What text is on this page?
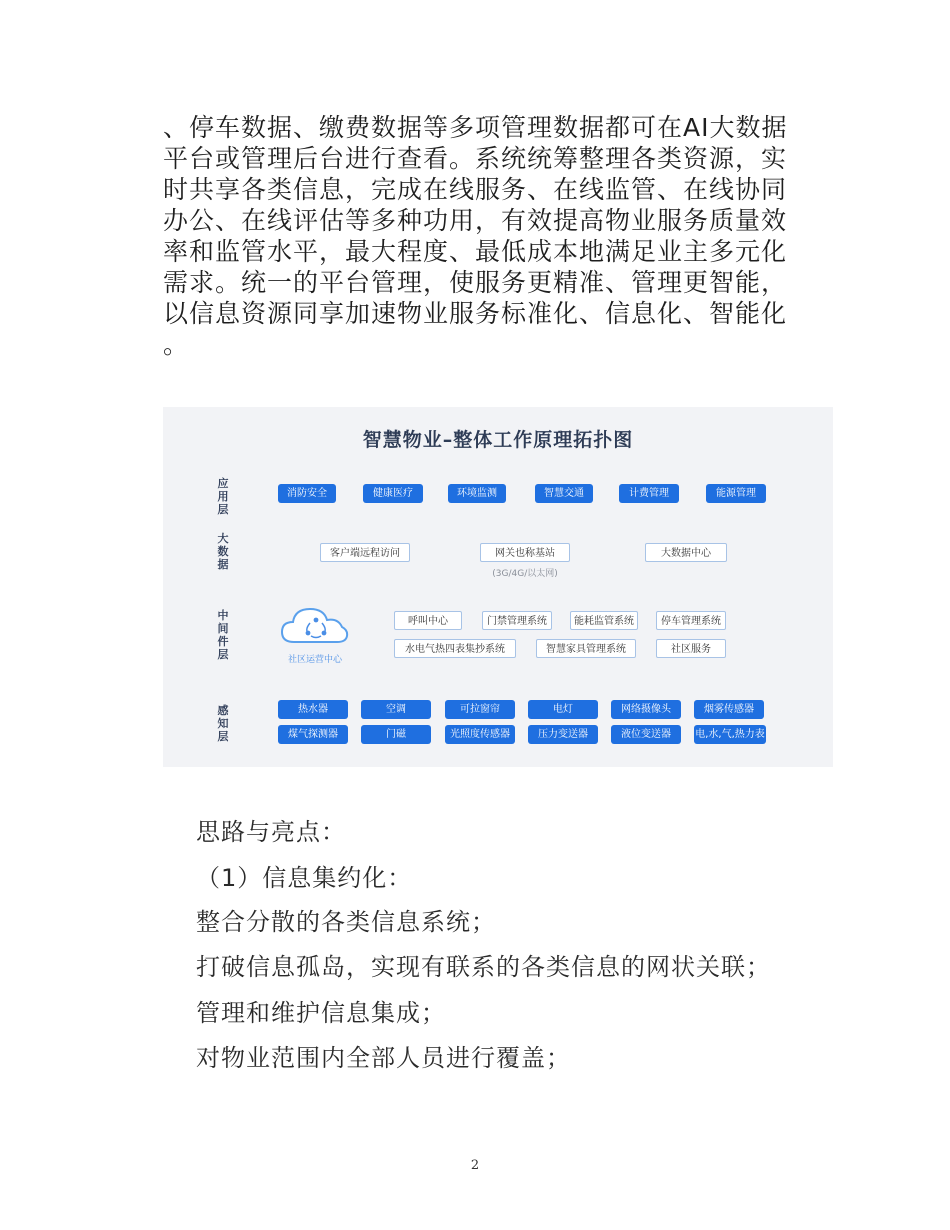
、停车数据、缴费数据等多项管理数据都可在AI大数据
平台或管理后台进行查看。系统统筹整理各类资源，实
时共享各类信息，完成在线服务、在线监管、在线协同
办公、在线评估等多种功用，有效提高物业服务质量效
率和监管水平，最大程度、最低成本地满足业主多元化
需求。统一的平台管理，使服务更精准、管理更智能，
以信息资源同享加速物业服务标准化、信息化、智能化
。
智慧物业–整体工作原理拓扑图
应用层
消防安全	健康医疗	环境监测	智慧交通	计费管理	能源管理
大数据
客户端远程访问	网关也称基站
(3G/4G/以太网)
大数据中心
中间件层	社区运营中心
呼叫中心	门禁管理系统	能耗监管系统	停车管理系统
水电气热四表集抄系统	智慧家具管理系统	社区服务
感知层
热水器	空调	可拉窗帘	电灯	网络摄像头	烟雾传感器
煤气探测器	门磁	光照度传感器	压力变送器	液位变送器	电,水,气,热力表
思路与亮点：
（1）信息集约化：
整合分散的各类信息系统；
打破信息孤岛，实现有联系的各类信息的网状关联；
管理和维护信息集成；
对物业范围内全部人员进行覆盖；
2
